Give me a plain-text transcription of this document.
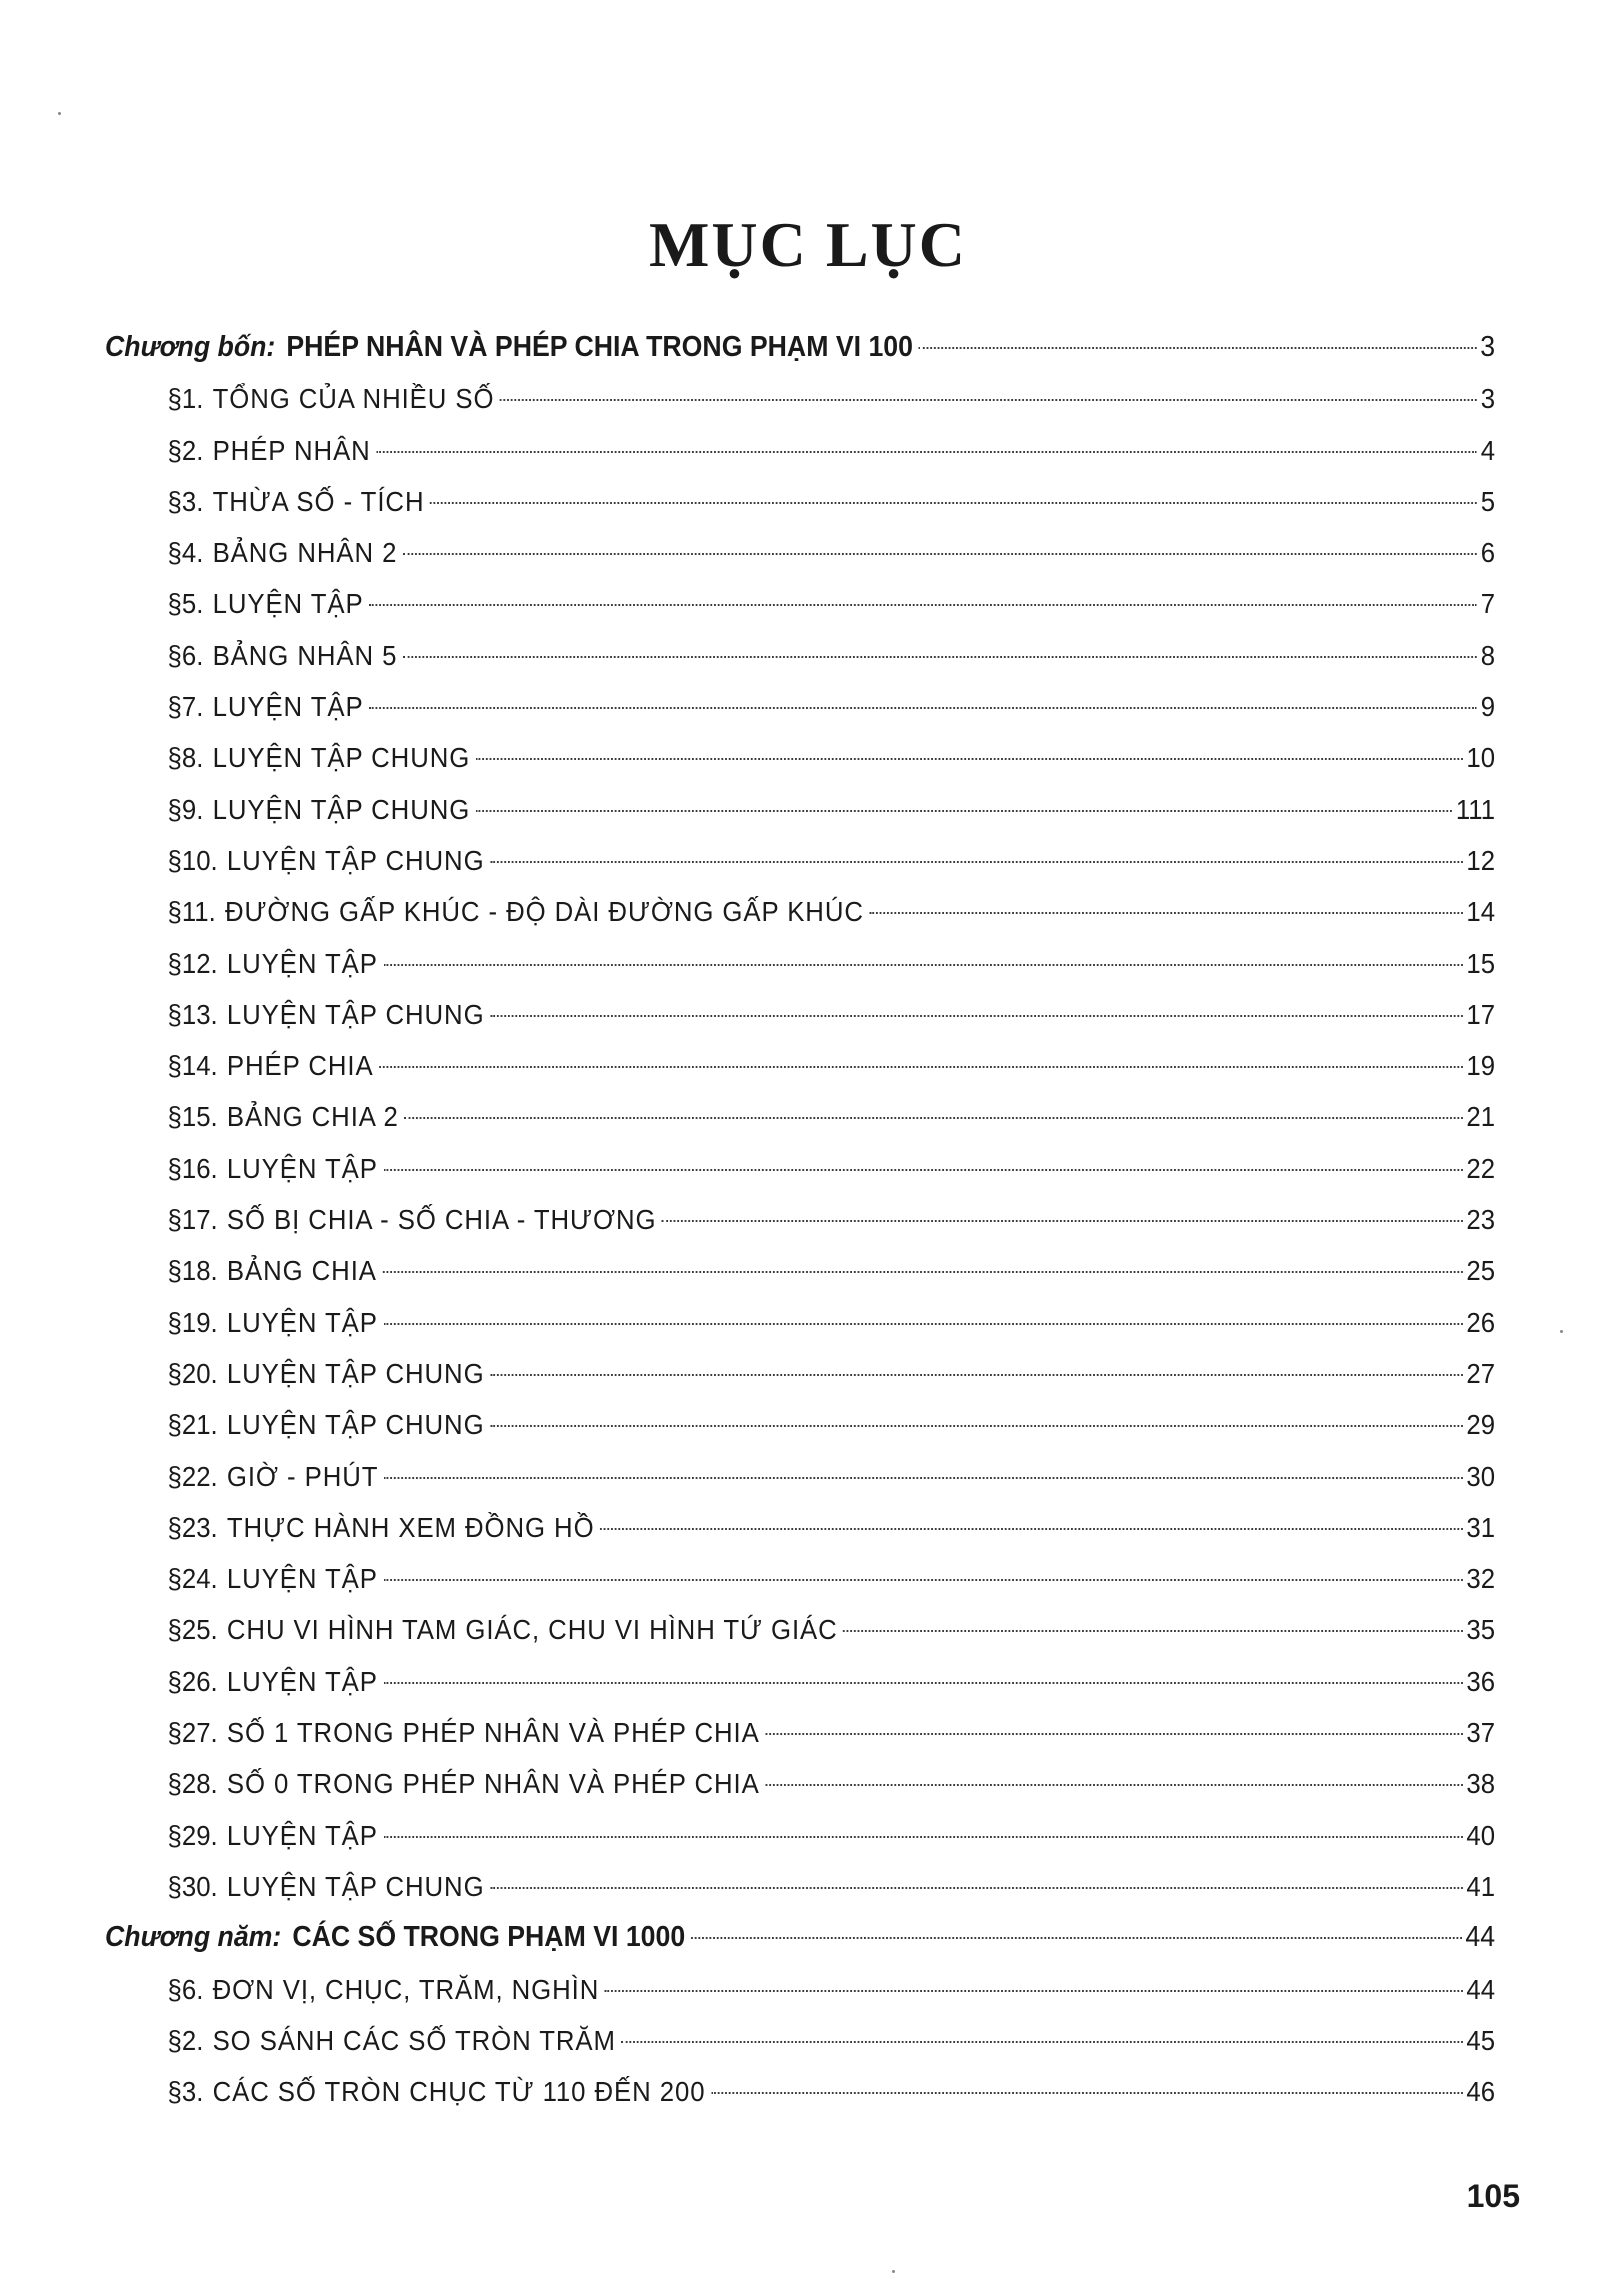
MỤC LỤC
Chương bốn: PHÉP NHÂN VÀ PHÉP CHIA TRONG PHẠM VI 100	3
§1. TỔNG CỦA NHIỀU SỐ	3
§2. PHÉP NHÂN	4
§3. THỪA SỐ - TÍCH	5
§4. BẢNG NHÂN 2	6
§5. LUYỆN TẬP	7
§6. BẢNG NHÂN 5	8
§7. LUYỆN TẬP	9
§8. LUYỆN TẬP CHUNG	10
§9. LUYỆN TẬP CHUNG	111
§10. LUYỆN TẬP CHUNG	12
§11. ĐƯỜNG GẤP KHÚC - ĐỘ DÀI ĐƯỜNG GẤP KHÚC	14
§12. LUYỆN TẬP	15
§13. LUYỆN TẬP CHUNG	17
§14. PHÉP CHIA	19
§15. BẢNG CHIA 2	21
§16. LUYỆN TẬP	22
§17. SỐ BỊ CHIA - SỐ CHIA - THƯƠNG	23
§18. BẢNG CHIA	25
§19. LUYỆN TẬP	26
§20. LUYỆN TẬP CHUNG	27
§21. LUYỆN TẬP CHUNG	29
§22. GIỜ - PHÚT	30
§23. THỰC HÀNH XEM ĐỒNG HỒ	31
§24. LUYỆN TẬP	32
§25. CHU VI HÌNH TAM GIÁC, CHU VI HÌNH TỨ GIÁC	35
§26. LUYỆN TẬP	36
§27. SỐ 1 TRONG PHÉP NHÂN VÀ PHÉP CHIA	37
§28. SỐ 0 TRONG PHÉP NHÂN VÀ PHÉP CHIA	38
§29. LUYỆN TẬP	40
§30. LUYỆN TẬP CHUNG	41
Chương năm: CÁC SỐ TRONG PHẠM VI 1000	44
§6. ĐƠN VỊ, CHỤC, TRĂM, NGHÌN	44
§2. SO SÁNH CÁC SỐ TRÒN TRĂM	45
§3. CÁC SỐ TRÒN CHỤC TỪ 110 ĐẾN 200	46
105
